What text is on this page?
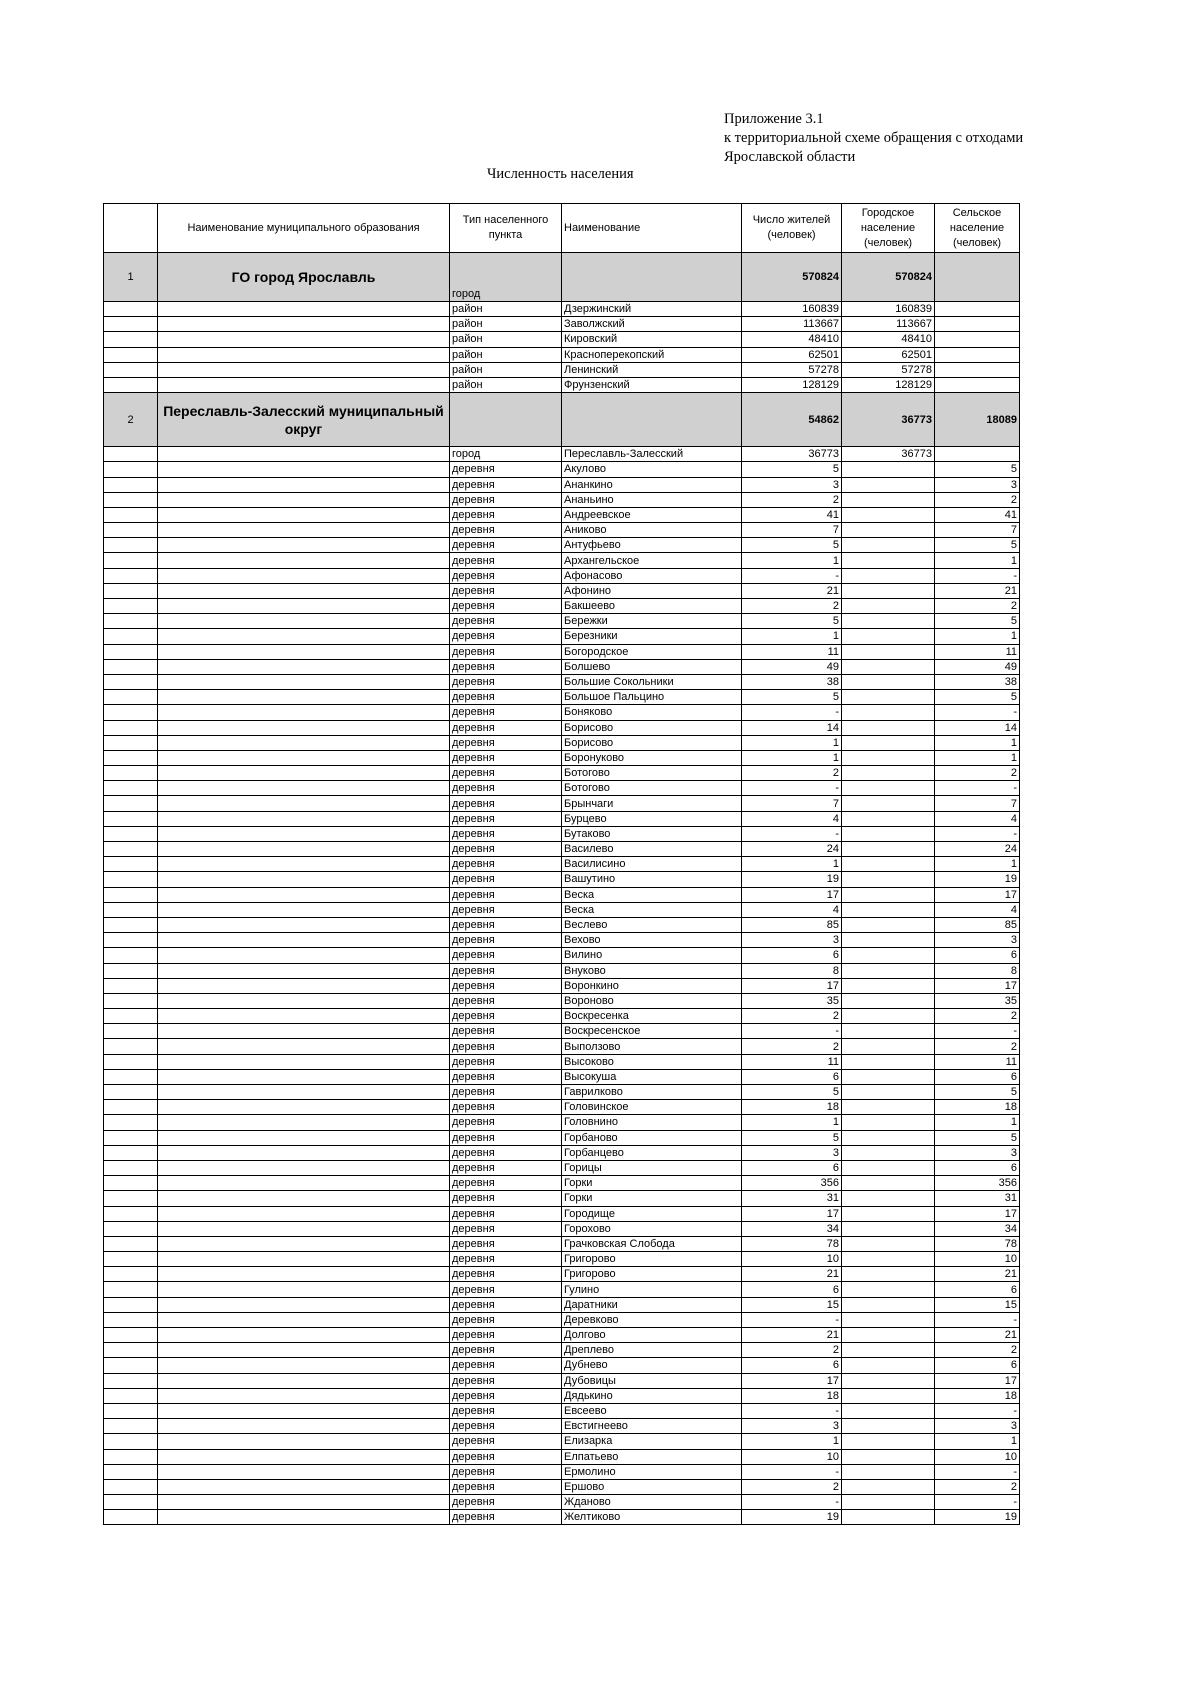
Приложение 3.1
к территориальной схеме обращения с отходами
Ярославской области
Численность населения
	Наименование муниципального образования	Тип населенного пункта	Наименование	Число жителей (человек)	Городское население (человек)	Сельское население (человек)
1	ГО город Ярославль	город		570824	570824	
		район	Дзержинский	160839	160839	
		район	Заволжский	113667	113667	
		район	Кировский	48410	48410	
		район	Красноперекопский	62501	62501	
		район	Ленинский	57278	57278	
		район	Фрунзенский	128129	128129	
2	Переславль-Залесский муниципальный округ			54862	36773	18089
		город	Переславль-Залесский	36773	36773	
		деревня	Акулово	5		5
		деревня	Ананкино	3		3
		деревня	Ананьино	2		2
		деревня	Андреевское	41		41
		деревня	Аниково	7		7
		деревня	Антуфьево	5		5
		деревня	Архангельское	1		1
		деревня	Афонасово	-		-
		деревня	Афонино	21		21
		деревня	Бакшеево	2		2
		деревня	Бережки	5		5
		деревня	Березники	1		1
		деревня	Богородское	11		11
		деревня	Болшево	49		49
		деревня	Большие Сокольники	38		38
		деревня	Большое Пальцино	5		5
		деревня	Боняково	-		-
		деревня	Борисово	14		14
		деревня	Борисово	1		1
		деревня	Боронуково	1		1
		деревня	Ботогово	2		2
		деревня	Ботогово	-		-
		деревня	Брынчаги	7		7
		деревня	Бурцево	4		4
		деревня	Бутаково	-		-
		деревня	Василево	24		24
		деревня	Василисино	1		1
		деревня	Вашутино	19		19
		деревня	Веска	17		17
		деревня	Веска	4		4
		деревня	Веслево	85		85
		деревня	Вехово	3		3
		деревня	Вилино	6		6
		деревня	Внуково	8		8
		деревня	Воронкино	17		17
		деревня	Вороново	35		35
		деревня	Воскресенка	2		2
		деревня	Воскресенское	-		-
		деревня	Выползово	2		2
		деревня	Высоково	11		11
		деревня	Высокуша	6		6
		деревня	Гаврилково	5		5
		деревня	Головинское	18		18
		деревня	Головнино	1		1
		деревня	Горбаново	5		5
		деревня	Горбанцево	3		3
		деревня	Горицы	6		6
		деревня	Горки	356		356
		деревня	Горки	31		31
		деревня	Городище	17		17
		деревня	Горохово	34		34
		деревня	Грачковская Слобода	78		78
		деревня	Григорово	10		10
		деревня	Григорово	21		21
		деревня	Гулино	6		6
		деревня	Даратники	15		15
		деревня	Деревково	-		-
		деревня	Долгово	21		21
		деревня	Дреплево	2		2
		деревня	Дубнево	6		6
		деревня	Дубовицы	17		17
		деревня	Дядькино	18		18
		деревня	Евсеево	-		-
		деревня	Евстигнеево	3		3
		деревня	Елизарка	1		1
		деревня	Елпатьево	10		10
		деревня	Ермолино	-		-
		деревня	Ершово	2		2
		деревня	Жданово	-		-
		деревня	Желтиково	19		19
